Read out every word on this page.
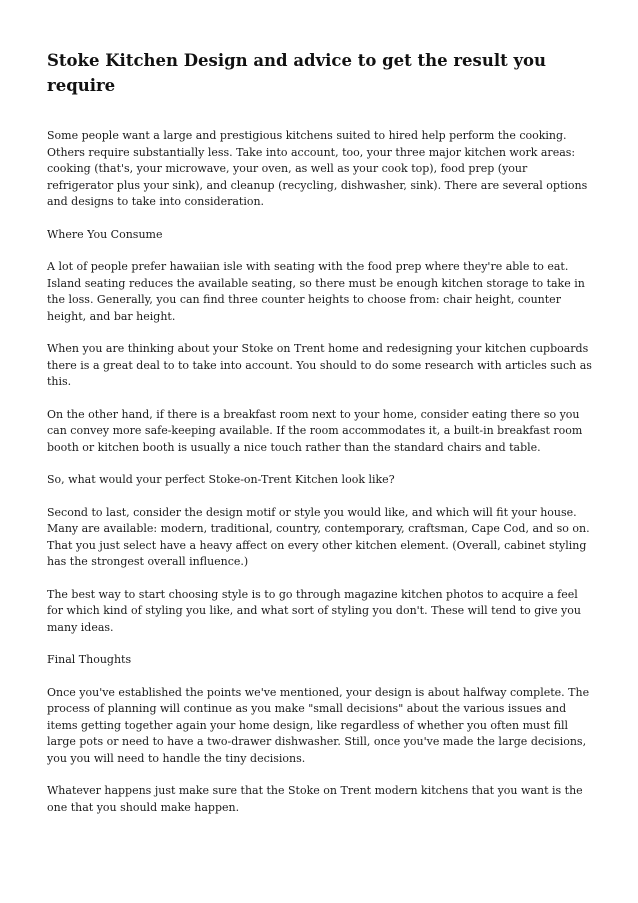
Stoke Kitchen Design and advice to get the result you require

Some people want a large and prestigious kitchens suited to hired help perform the cooking. Others require substantially less. Take into account, too, your three major kitchen work areas: cooking (that's, your microwave, your oven, as well as your cook top), food prep (your refrigerator plus your sink), and cleanup (recycling, dishwasher, sink). There are several options and designs to take into consideration.

Where You Consume

A lot of people prefer hawaiian isle with seating with the food prep where they're able to eat. Island seating reduces the available seating, so there must be enough kitchen storage to take in the loss. Generally, you can find three counter heights to choose from: chair height, counter height, and bar height.

When you are thinking about your Stoke on Trent home and redesigning your kitchen cupboards there is a great deal to to take into account. You should to do some research with articles such as this.

On the other hand, if there is a breakfast room next to your home, consider eating there so you can convey more safe-keeping available. If the room accommodates it, a built-in breakfast room booth or kitchen booth is usually a nice touch rather than the standard chairs and table.

So, what would your perfect Stoke-on-Trent Kitchen look like?

Second to last, consider the design motif or style you would like, and which will fit your house. Many are available: modern, traditional, country, contemporary, craftsman, Cape Cod, and so on. That you just select have a heavy affect on every other kitchen element. (Overall, cabinet styling has the strongest overall influence.)

The best way to start choosing style is to go through magazine kitchen photos to acquire a feel for which kind of styling you like, and what sort of styling you don't. These will tend to give you many ideas.

Final Thoughts

Once you've established the points we've mentioned, your design is about halfway complete. The process of planning will continue as you make "small decisions" about the various issues and items getting together again your home design, like regardless of whether you often must fill large pots or need to have a two-drawer dishwasher. Still, once you've made the large decisions, you you will need to handle the tiny decisions.

Whatever happens just make sure that the Stoke on Trent modern kitchens that you want is the one that you should make happen.
